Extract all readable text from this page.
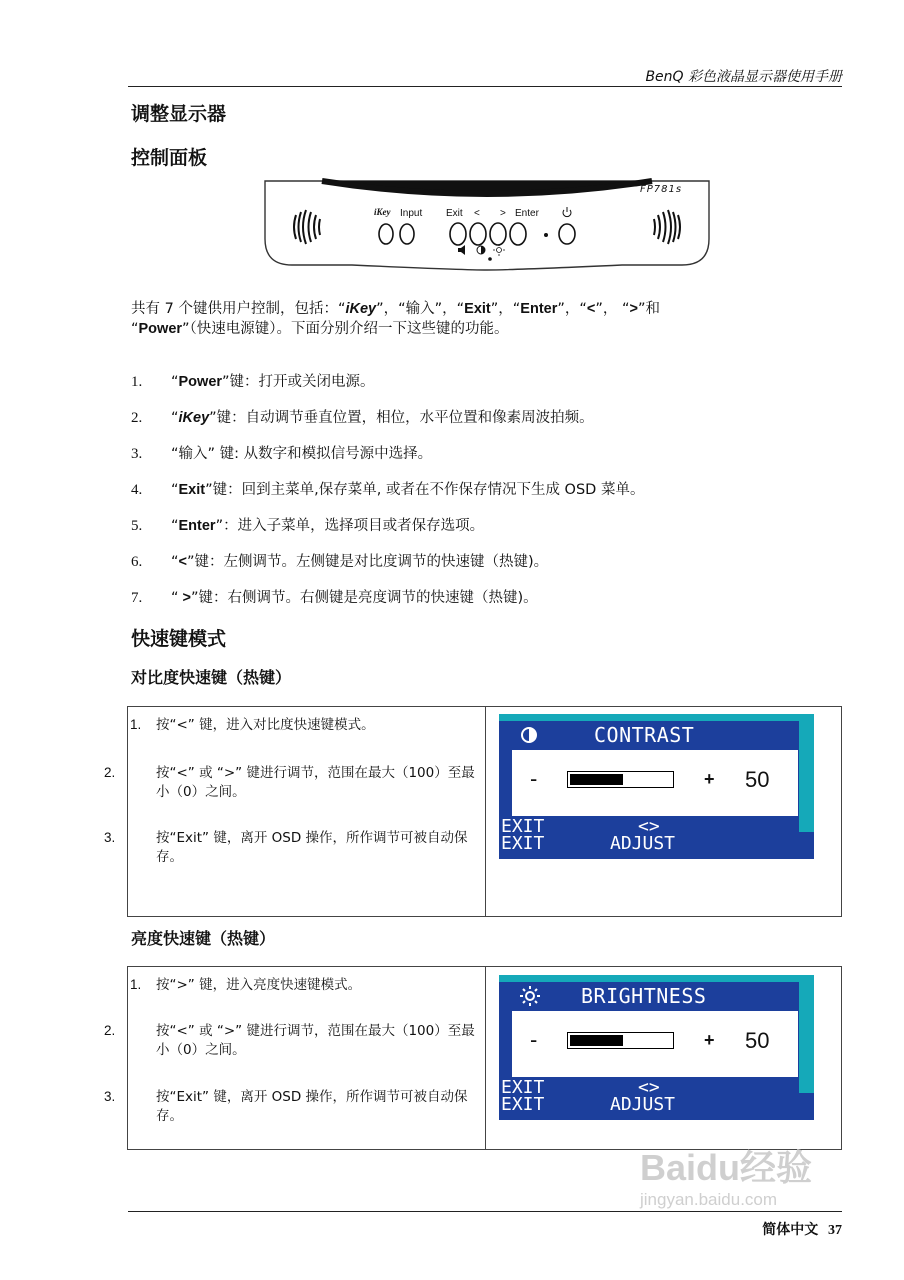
BenQ 彩色液晶显示器使用手册
调整显示器
控制面板
FP781s
iKey Input Exit < > Enter
共有 7 个键供用户控制，包括：“iKey”，“输入”，“Exit”，“Enter”，“<”， “>”和
“Power”（快速电源键）。下面分别介绍一下这些键的功能。
1. “Power”键：打开或关闭电源。
2. “iKey”键：自动调节垂直位置，相位，水平位置和像素周波拍频。
3. “输入” 键: 从数字和模拟信号源中选择。
4. “Exit”键：回到主菜单,保存菜单, 或者在不作保存情况下生成 OSD 菜单。
5. “Enter”：进入子菜单，选择项目或者保存选项。
6. “<”键：左侧调节。左侧键是对比度调节的快速键（热键)。
7. “ >”键：右侧调节。右侧键是亮度调节的快速键（热键)。
快速键模式
对比度快速键（热键）
1. 按“<” 键，进入对比度快速键模式。
2.	按“<” 或 “>” 键进行调节，范围在最大（100）至最小（0）之间。
3.	按“Exit” 键，离开 OSD 操作，所作调节可被自动保存。
CONTRAST
-	+ 50
EXIT
EXIT
<>
ADJUST
亮度快速键（热键）
1. 按“>” 键，进入亮度快速键模式。
2.	按“<” 或 “>” 键进行调节，范围在最大（100）至最小（0）之间。
3.	按“Exit” 键，离开 OSD 操作，所作调节可被自动保存。
BRIGHTNESS
-	+ 50
EXIT
EXIT
<>
ADJUST
Baidu经验
jingyan.baidu.com
简体中文 37
